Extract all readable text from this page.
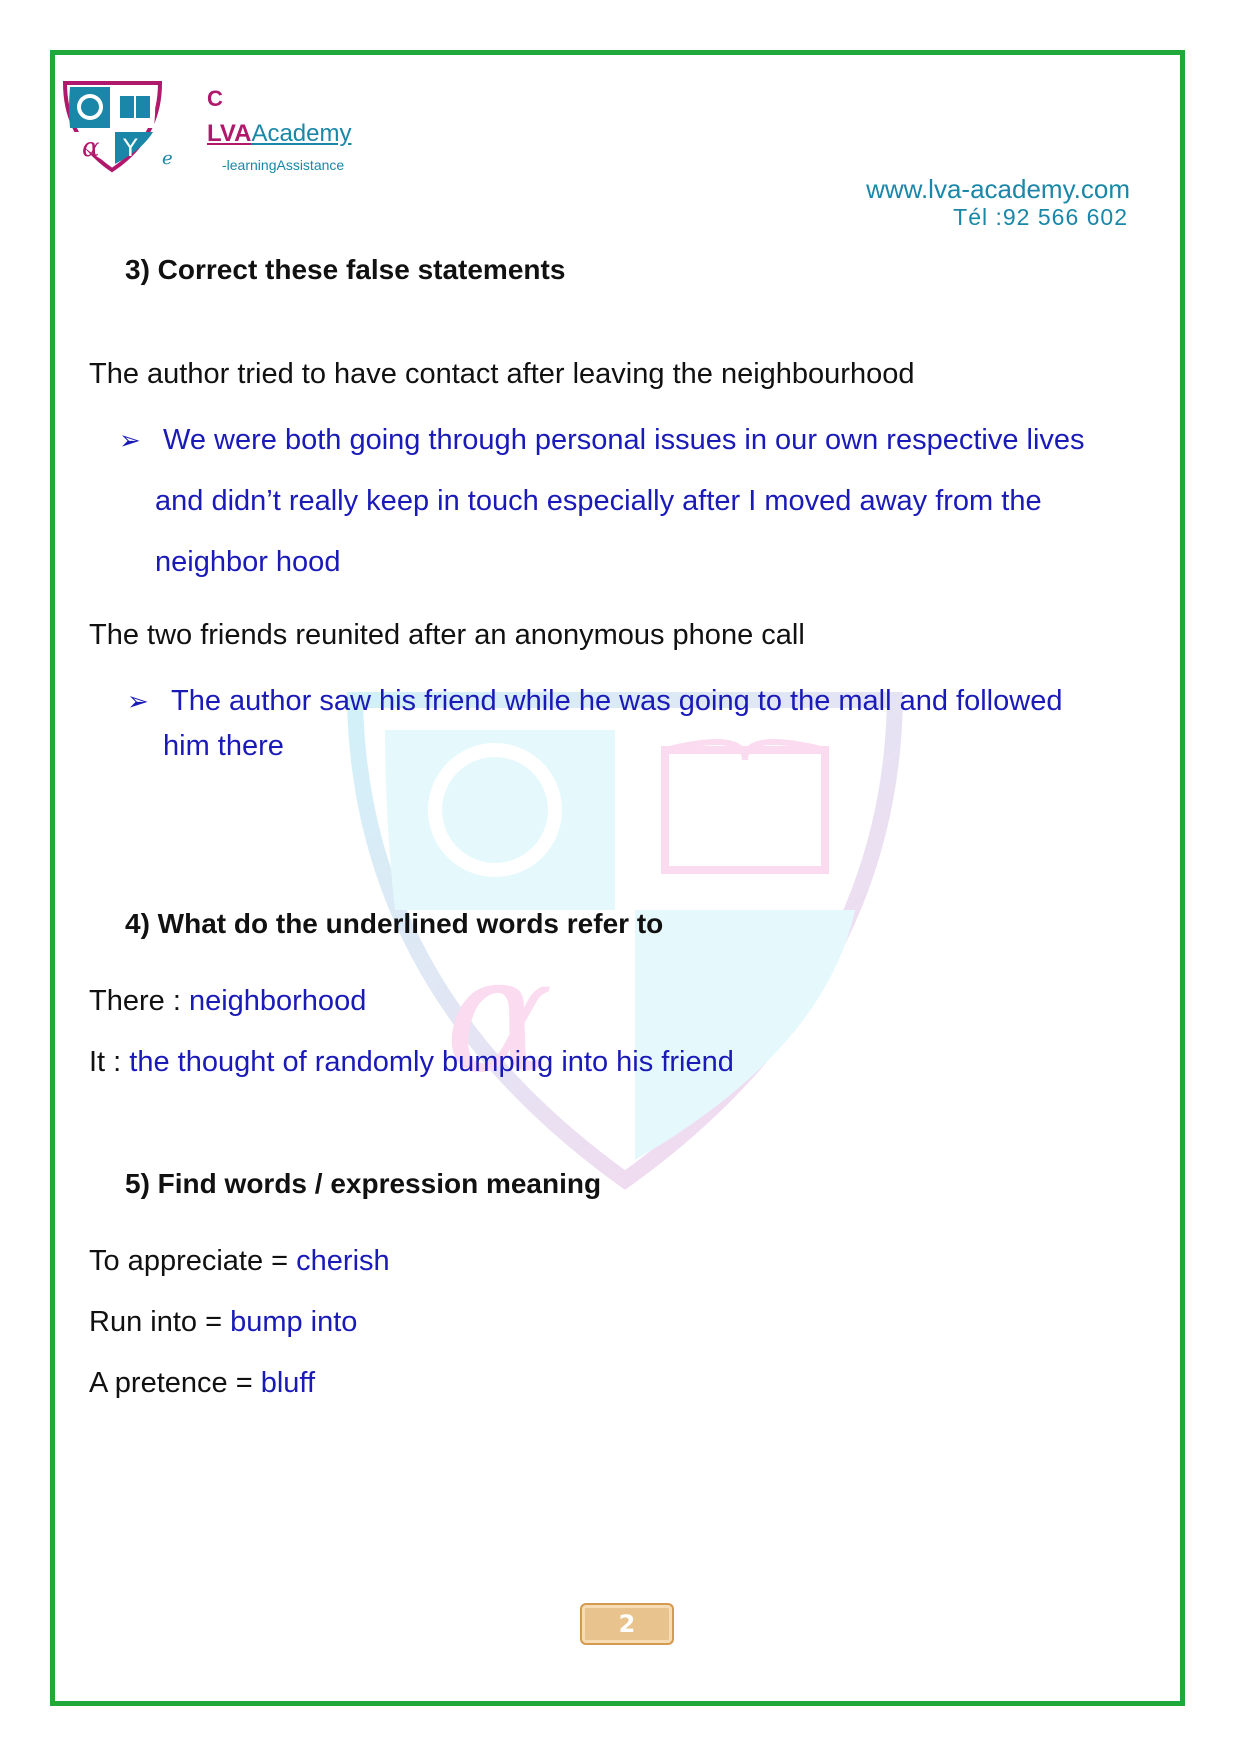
α Y
C
LVAAcademy
e	-learningAssistance
www.lva-academy.com
Tél :92 566 602
α
3) Correct these false statements
The author tried to have contact after leaving the neighbourhood
➢ We were both going through personal issues in our own respective lives
and didn’t really keep in touch especially after I moved away from the
neighbor hood
The two friends reunited after an anonymous phone call
➢ The author saw his friend while he was going to the mall and followed
him there
4) What do the underlined words refer to
There : neighborhood
It : the thought of randomly bumping into his friend
5) Find words / expression meaning
To appreciate = cherish
Run into = bump into
A pretence = bluff
2
